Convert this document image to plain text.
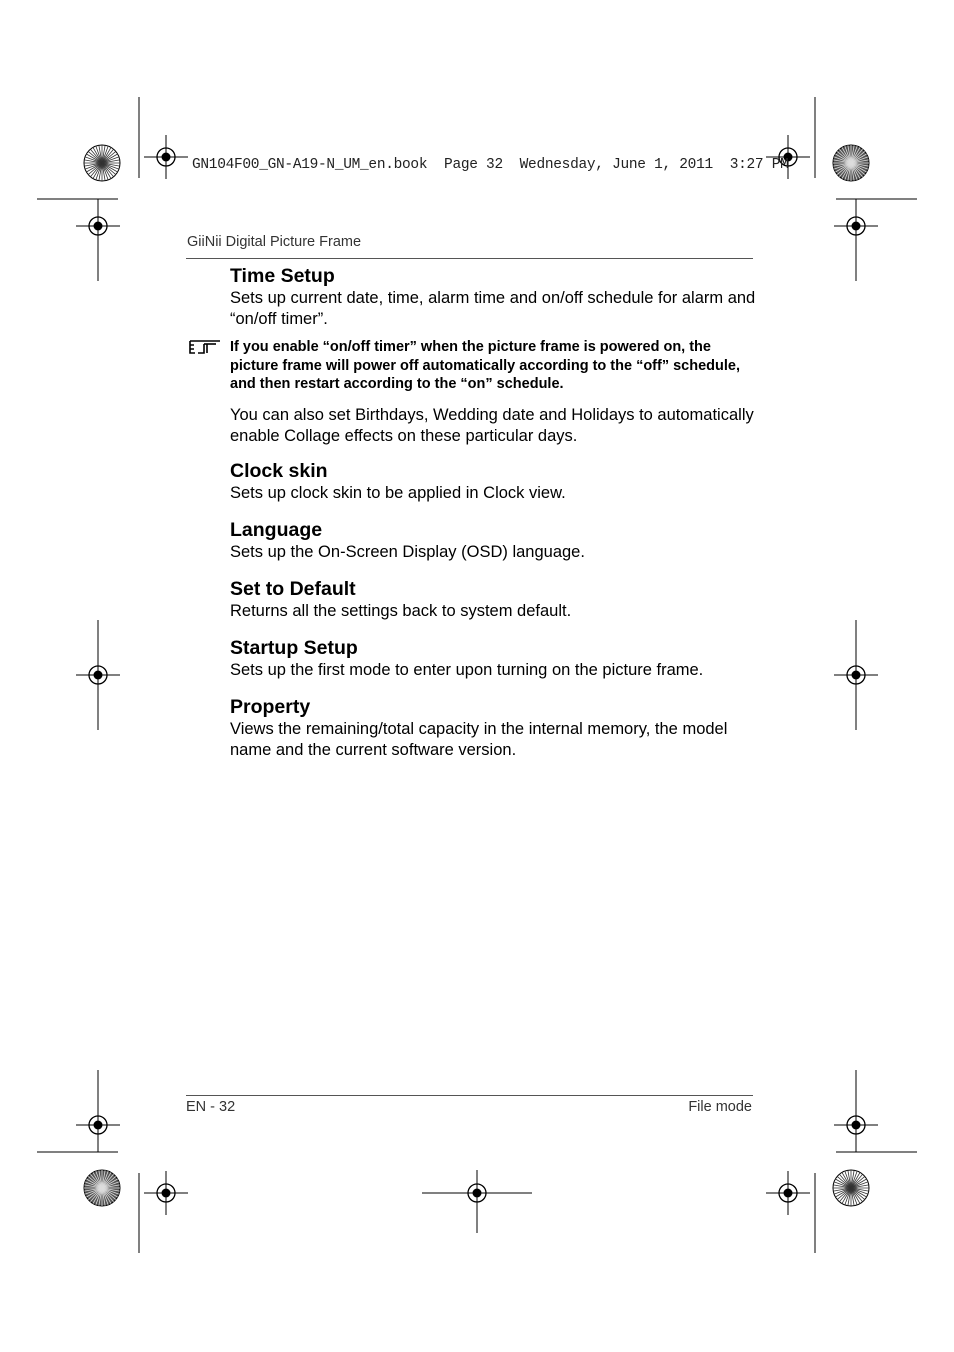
GN104F00_GN-A19-N_UM_en.book  Page 32  Wednesday, June 1, 2011  3:27 PM
GiiNii Digital Picture Frame
Time Setup

Sets up current date, time, alarm time and on/off schedule for alarm and “on/off timer”.

If you enable “on/off timer” when the picture frame is powered on, the picture frame will power off automatically according to the “off” schedule, and then restart according to the “on” schedule.

You can also set Birthdays, Wedding date and Holidays to automatically enable Collage effects on these particular days.

Clock skin

Sets up clock skin to be applied in Clock view.

Language

Sets up the On-Screen Display (OSD) language.

Set to Default

Returns all the settings back to system default.

Startup Setup

Sets up the first mode to enter upon turning on the picture frame.

Property

Views the remaining/total capacity in the internal memory, the model name and the current software version.

EN - 32	File mode
